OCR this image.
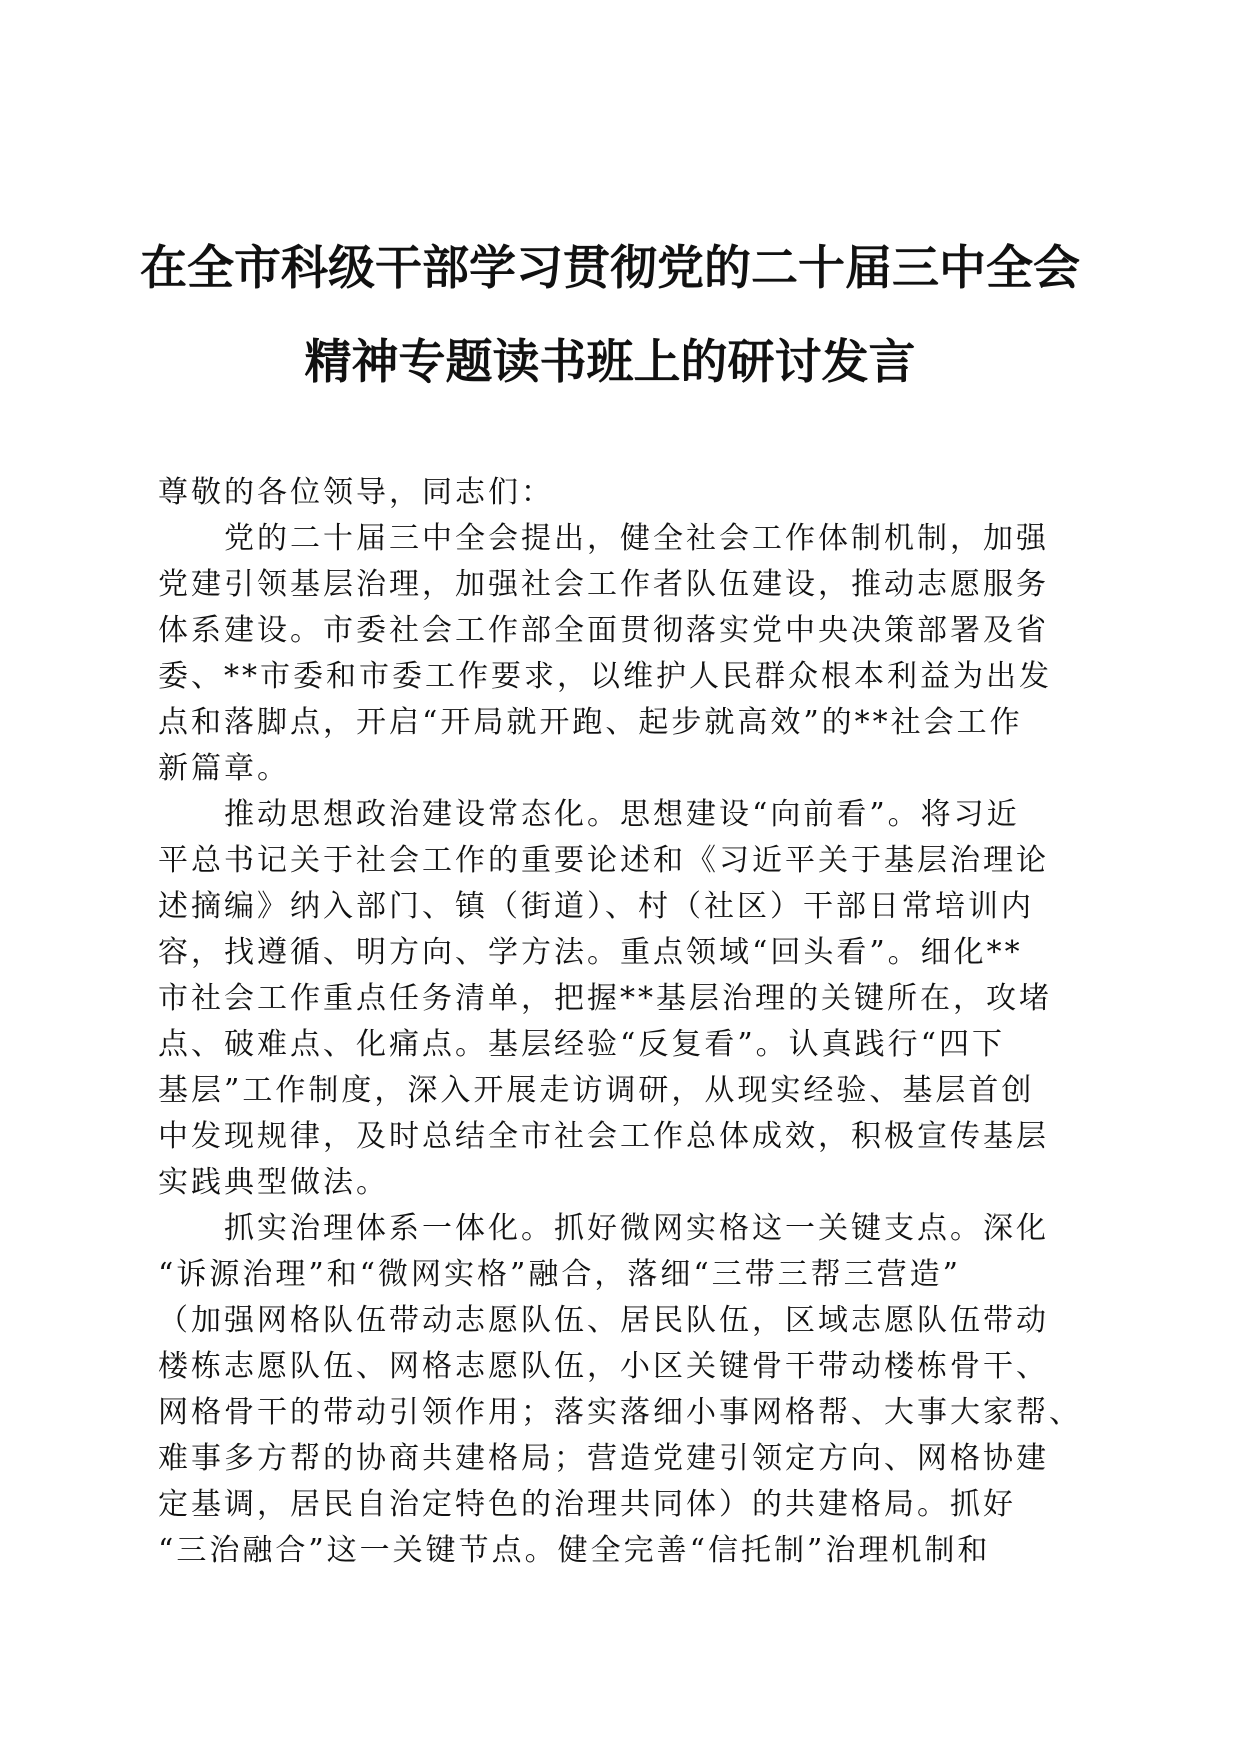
在全市科级干部学习贯彻党的二十届三中全会
精神专题读书班上的研讨发言
尊敬的各位领导，同志们：
党的二十届三中全会提出，健全社会工作体制机制，加强
党建引领基层治理，加强社会工作者队伍建设，推动志愿服务
体系建设。市委社会工作部全面贯彻落实党中央决策部署及省
委、**市委和市委工作要求，以维护人民群众根本利益为出发
点和落脚点，开启“开局就开跑、起步就高效”的**社会工作
新篇章。
推动思想政治建设常态化。思想建设“向前看”。将习近
平总书记关于社会工作的重要论述和《习近平关于基层治理论
述摘编》纳入部门、镇（街道）、村（社区）干部日常培训内
容，找遵循、明方向、学方法。重点领域“回头看”。细化**
市社会工作重点任务清单，把握**基层治理的关键所在，攻堵
点、破难点、化痛点。基层经验“反复看”。认真践行“四下
基层”工作制度，深入开展走访调研，从现实经验、基层首创
中发现规律，及时总结全市社会工作总体成效，积极宣传基层
实践典型做法。
抓实治理体系一体化。抓好微网实格这一关键支点。深化
“诉源治理”和“微网实格”融合，落细“三带三帮三营造”
（加强网格队伍带动志愿队伍、居民队伍，区域志愿队伍带动
楼栋志愿队伍、网格志愿队伍，小区关键骨干带动楼栋骨干、
网格骨干的带动引领作用；落实落细小事网格帮、大事大家帮、
难事多方帮的协商共建格局；营造党建引领定方向、网格协建
定基调，居民自治定特色的治理共同体）的共建格局。抓好
“三治融合”这一关键节点。健全完善“信托制”治理机制和
